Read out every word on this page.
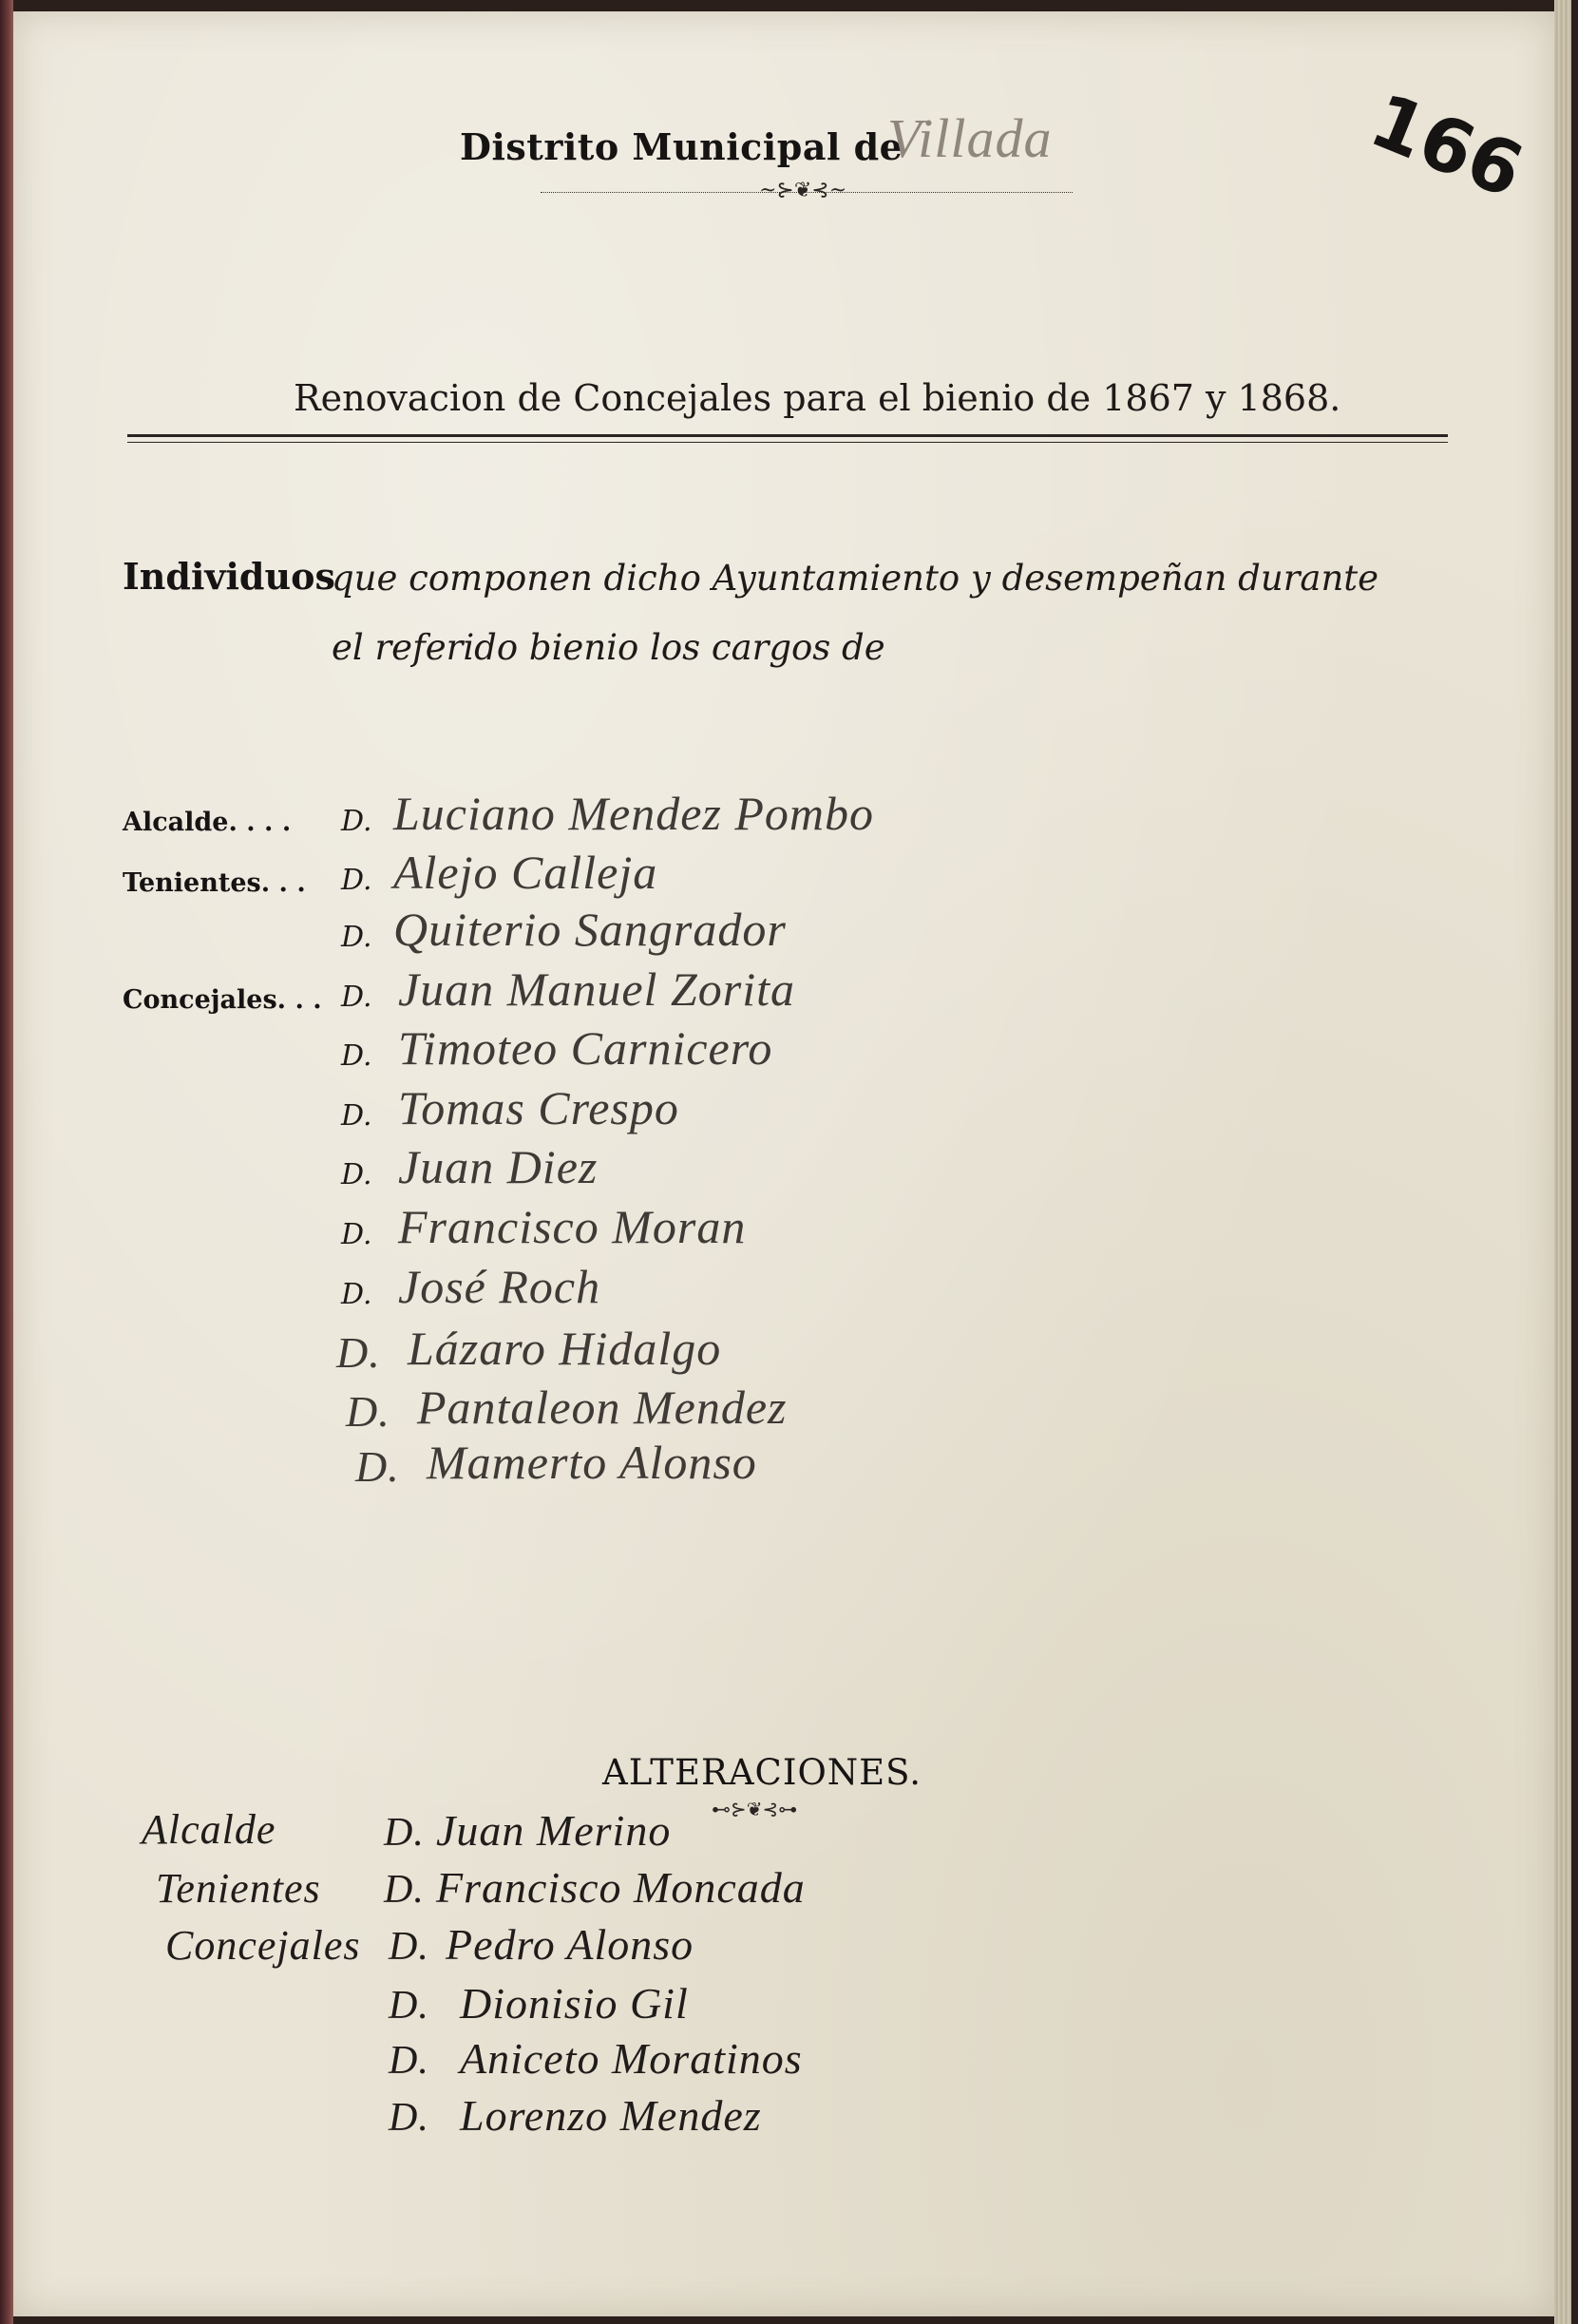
Distrito Municipal de
Villada	166
~⊱❦⊰~
Renovacion de Concejales para el bienio de 1867 y 1868.
Individuos
que componen dicho Ayuntamiento y desempeñan durante
el referido bienio los cargos de
Alcalde. . . .
Tenientes. . .
Concejales. . .
D. Luciano Mendez Pombo
D. Alejo Calleja
D. Quiterio Sangrador
D. Juan Manuel Zorita
D. Timoteo Carnicero
D. Tomas Crespo
D. Juan Diez
D. Francisco Moran
D. José Roch
D. Lázaro Hidalgo
D. Pantaleon Mendez
D. Mamerto Alonso
ALTERACIONES.
⊷⊱❦⊰⊶
Alcalde
Tenientes
Concejales
D. Juan Merino
D. Francisco Moncada
D. Pedro Alonso
D. Dionisio Gil
D. Aniceto Moratinos
D. Lorenzo Mendez
